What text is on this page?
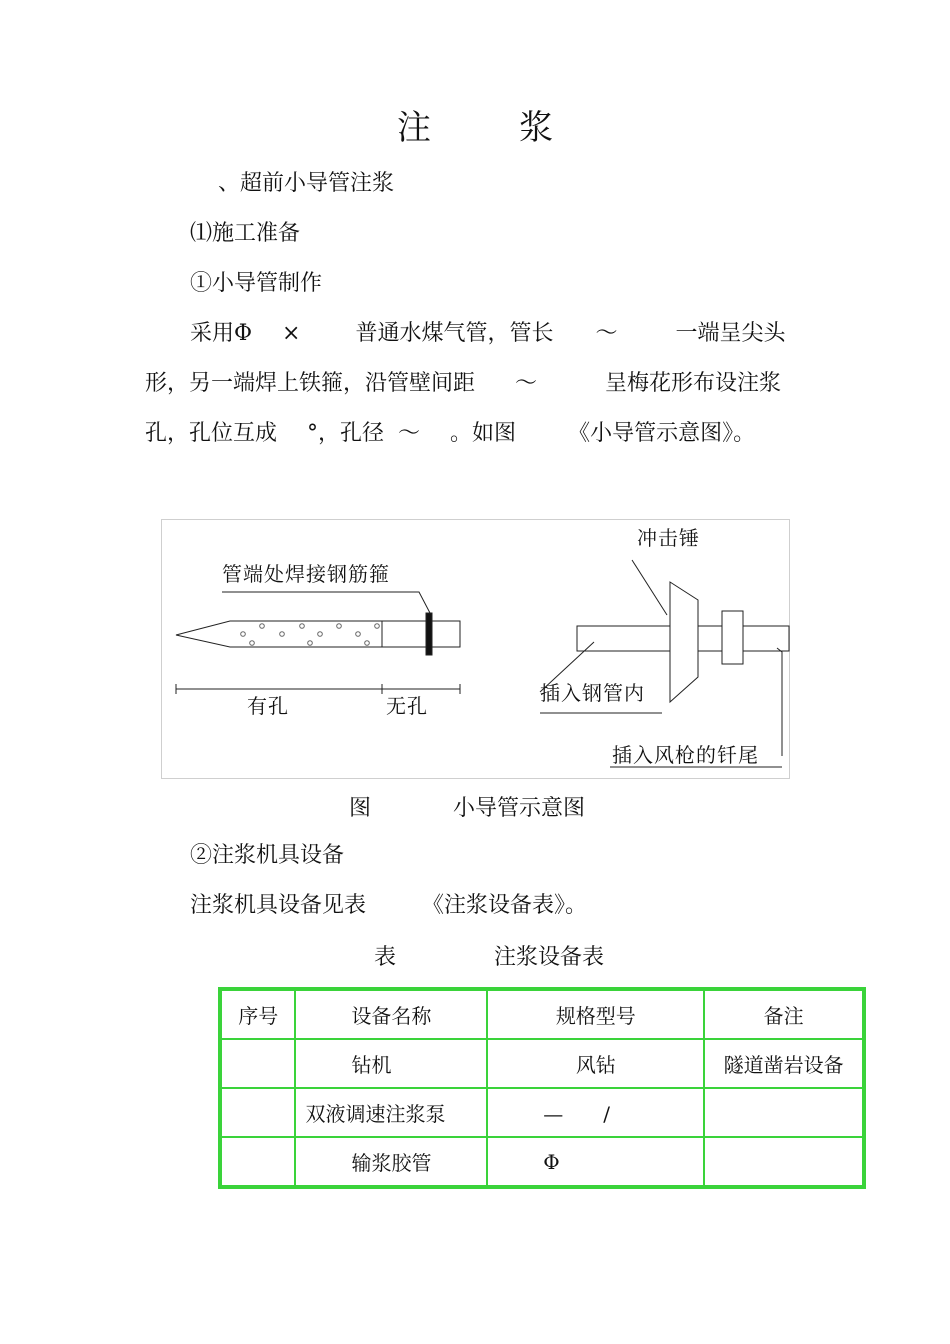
注	浆
、超前小导管注浆
⑴施工准备
①小导管制作
采用Φ ×	普通水煤气管，管长 ～	一端呈尖头
形，另一端焊上铁箍，沿管壁间距 ～	呈梅花形布设注浆
孔，孔位互成 °，孔径 ～ 。如图 《小导管示意图》。
管端处焊接钢筋箍
有孔	无孔
冲击锤
插入钢管内
插入风枪的钎尾
图	小导管示意图
②注浆机具设备
注浆机具设备见表	《注浆设备表》。
表	注浆设备表
序号	设备名称	规格型号	备注
	钻机	风钻	隧道凿岩设备
	双液调速注浆泵	—　　/	
	输浆胶管	Φ	
